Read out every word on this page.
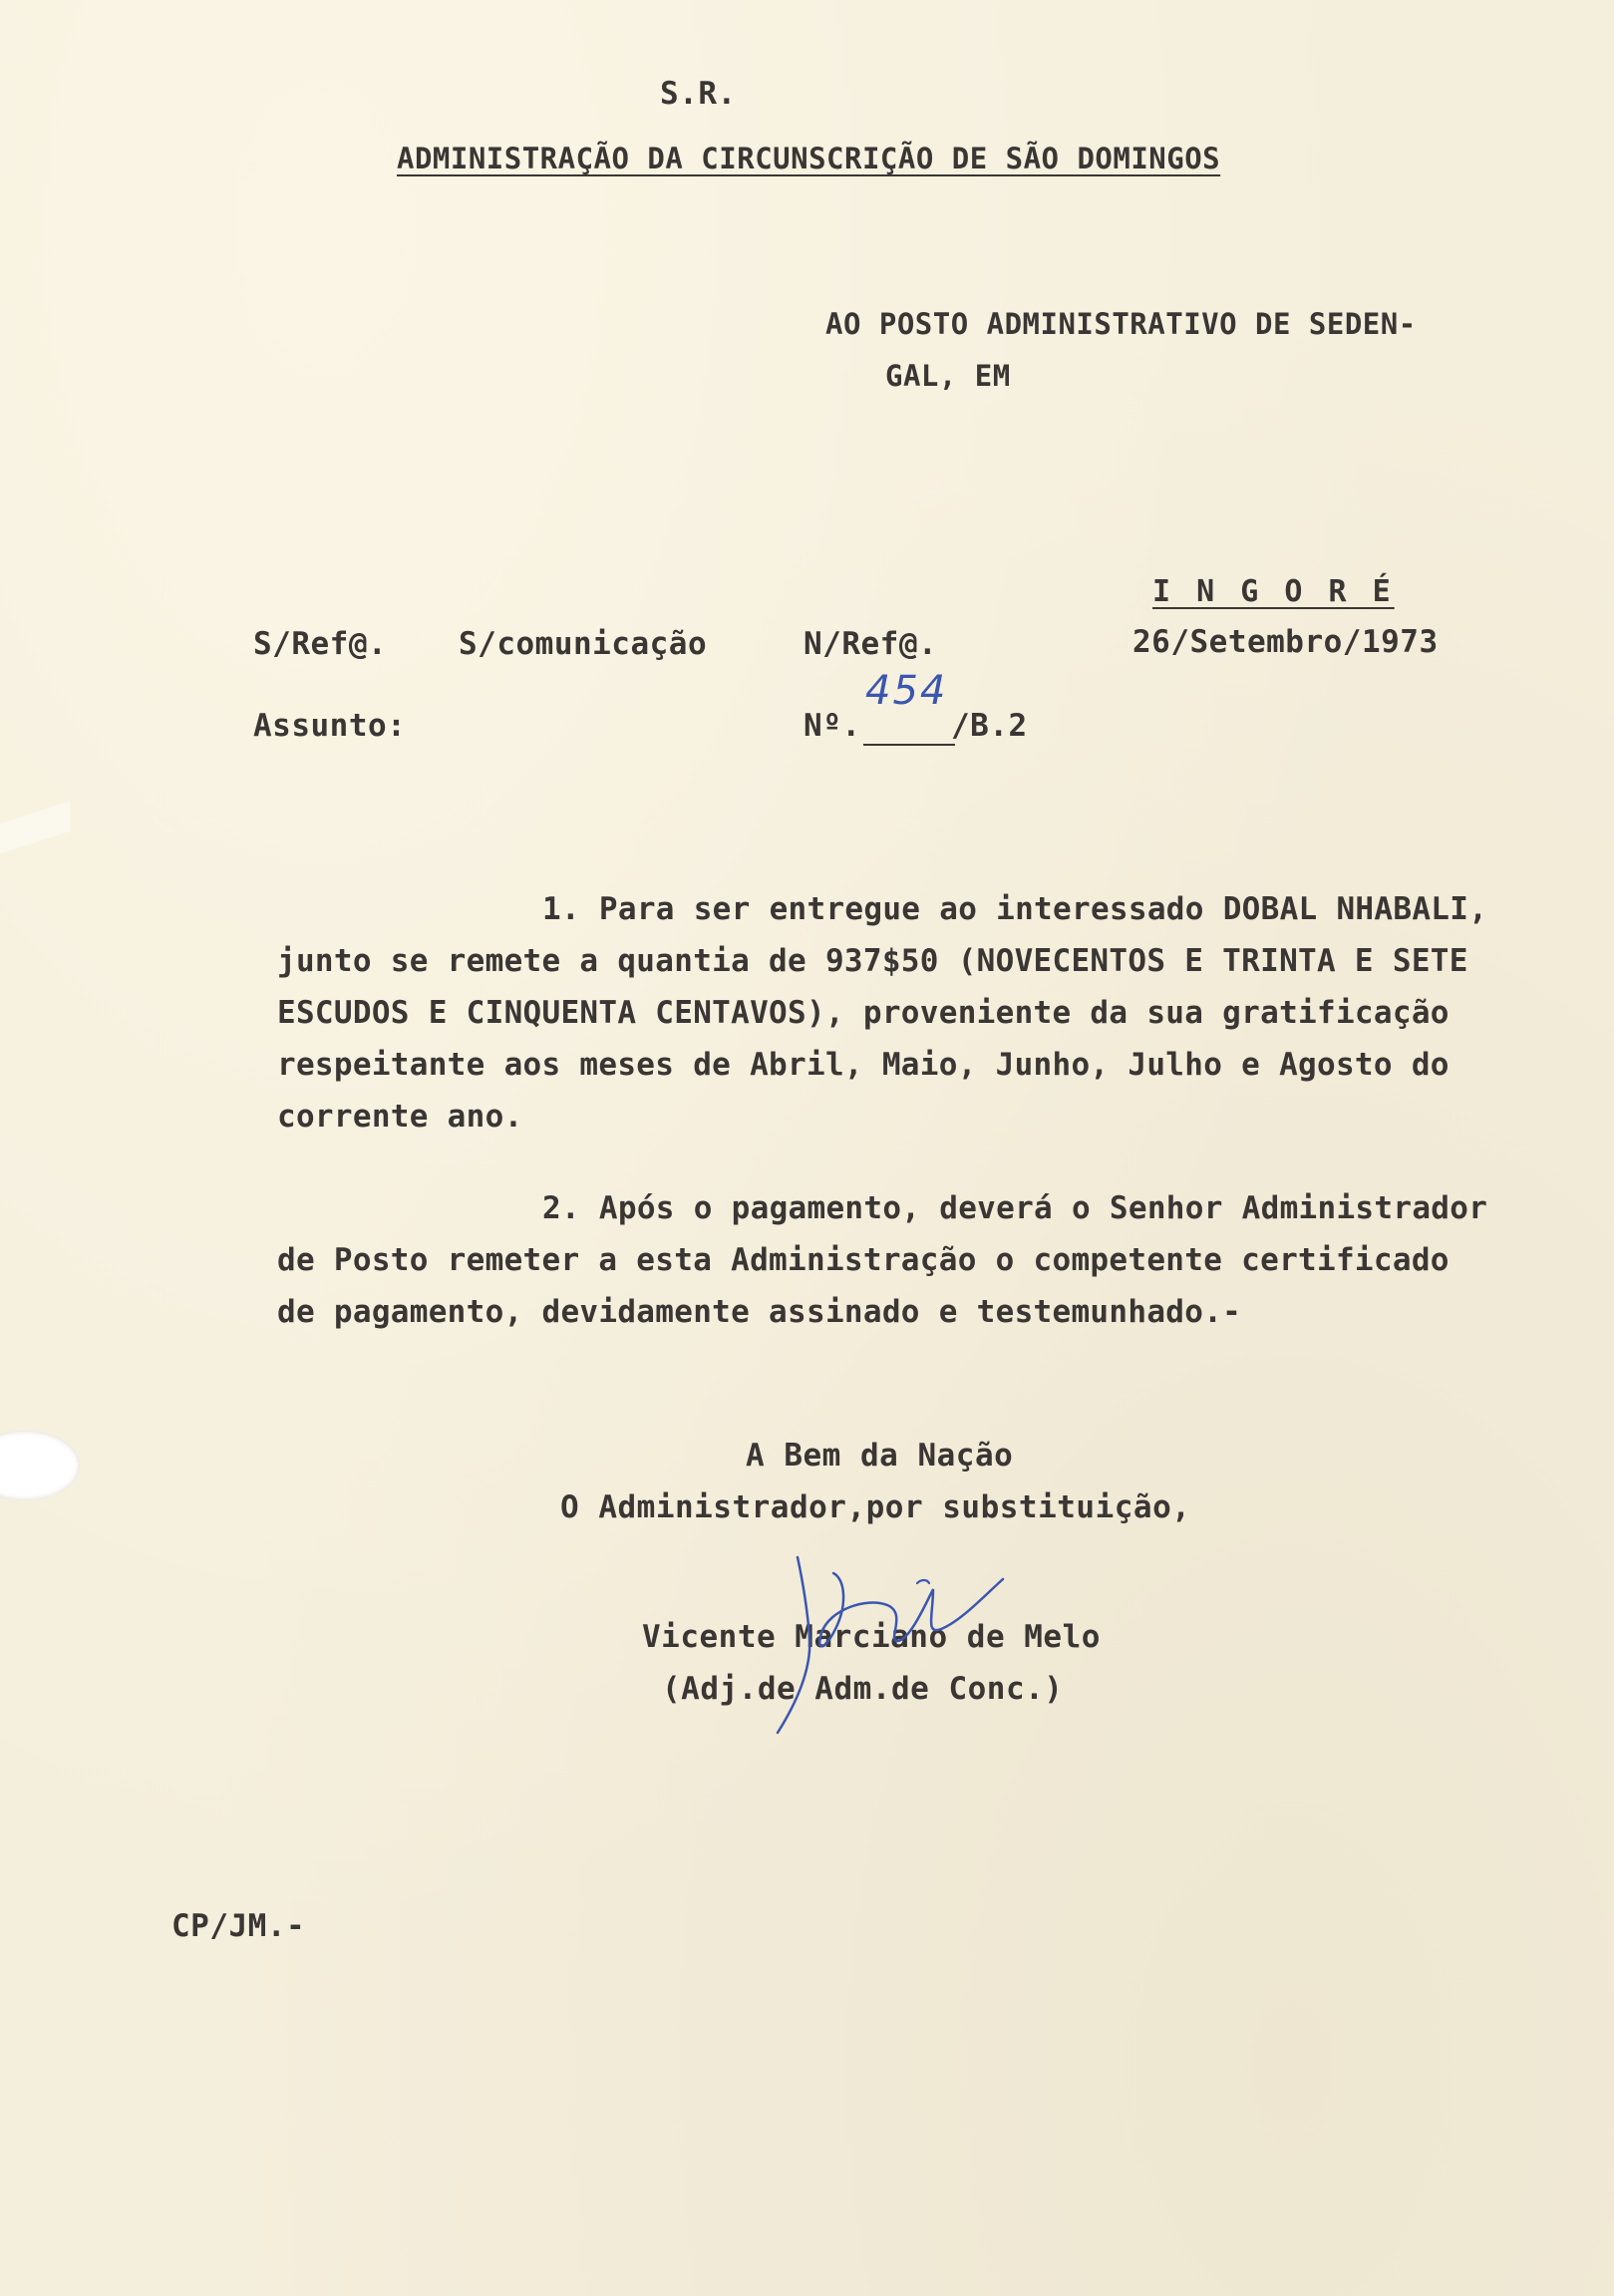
S.R.
ADMINISTRAÇÃO DA CIRCUNSCRIÇÃO DE SÃO DOMINGOS
AO POSTO ADMINISTRATIVO DE SEDEN-
GAL, EM
I N G O R É
26/Setembro/1973
S/Ref@. S/comunicação	N/Ref@.
Assunto:	Nº.
454
/B.2
1. Para ser entregue ao interessado DOBAL NHABALI,
junto se remete a quantia de 937$50 (NOVECENTOS E TRINTA E SETE
ESCUDOS E CINQUENTA CENTAVOS), proveniente da sua gratificação
respeitante aos meses de Abril, Maio, Junho, Julho e Agosto do
corrente ano.
2. Após o pagamento, deverá o Senhor Administrador
de Posto remeter a esta Administração o competente certificado
de pagamento, devidamente assinado e testemunhado.-
A Bem da Nação
O Administrador,por substituição,
Vicente Marciano de Melo
(Adj.de Adm.de Conc.)
CP/JM.-
